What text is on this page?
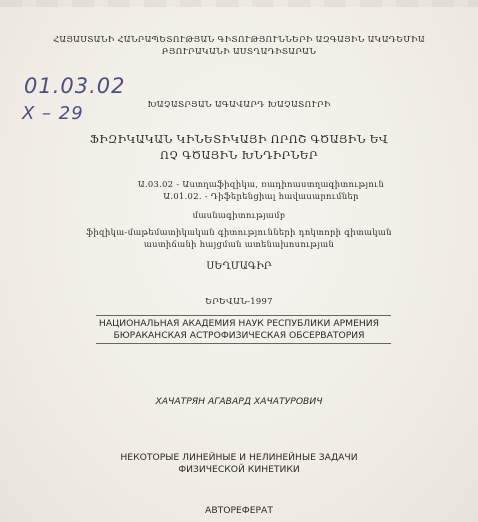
ՀԱՅԱՍՏԱՆԻ ՀԱՆՐԱՊԵՏՈՒԹՅԱՆ ԳԻՏՈՒԹՅՈՒՆՆԵՐԻ ԱԶԳԱՅԻՆ ԱԿԱԴԵՄԻԱ
ԲՅՈՒՐԱԿԱՆԻ ԱՍՏՂԱԴԻՏԱՐԱՆ
01.03.02
X – 29	ԽԱՉԱՏՐՅԱՆ ԱԳԱՎԱՐԴ ԽԱՉԱՏՈՒՐԻ
ՖԻԶԻԿԱԿԱՆ ԿԻՆԵՏԻԿԱՅԻ ՈՐՈՇ ԳԾԱՅԻՆ ԵՎ
ՈՉ ԳԾԱՅԻՆ ԽՆԴԻՐՆԵՐ
Ա.03.02 - Աստղաֆիզիկա, ռադիոաստղագիտություն
Ա.01.02. - Դիֆերենցիալ հավասարումներ
մասնագիտությամբ
ֆիզիկա-մաթեմատիկական գիտությունների դոկտորի գիտական
աստիճանի հայցման ատենախոսության
ՍԵՂՄԱԳԻՐ
ԵՐԵՎԱՆ-1997
НАЦИОНАЛЬНАЯ АКАДЕМИЯ НАУК РЕСПУБЛИКИ АРМЕНИЯ
БЮРАКАНСКАЯ АСТРОФИЗИЧЕСКАЯ ОБСЕРВАТОРИЯ
ХАЧАТРЯН АГАВАРД ХАЧАТУРОВИЧ
НЕКОТОРЫЕ ЛИНЕЙНЫЕ И НЕЛИНЕЙНЫЕ ЗАДАЧИ
ФИЗИЧЕСКОЙ КИНЕТИКИ
АВТОРЕФЕРАТ
